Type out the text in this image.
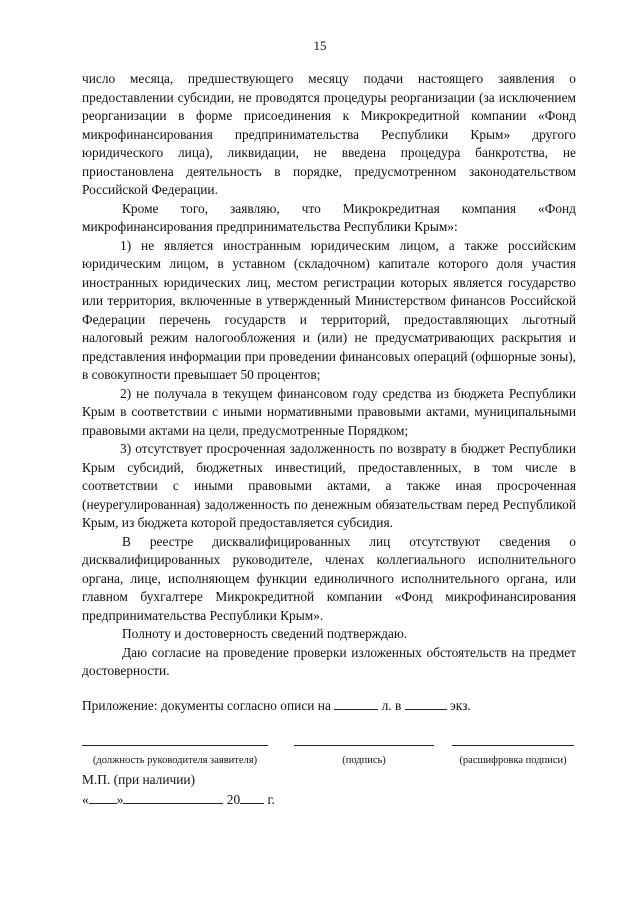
15

число месяца, предшествующего месяцу подачи настоящего заявления о предоставлении субсидии, не проводятся процедуры реорганизации (за исключением реорганизации в форме присоединения к Микрокредитной компании «Фонд микрофинансирования предпринимательства Республики Крым» другого юридического лица), ликвидации, не введена процедура банкротства, не приостановлена деятельность в порядке, предусмотренном законодательством Российской Федерации.

Кроме того, заявляю, что Микрокредитная компания «Фонд микрофинансирования предпринимательства Республики Крым»:

1) не является иностранным юридическим лицом, а также российским юридическим лицом, в уставном (складочном) капитале которого доля участия иностранных юридических лиц, местом регистрации которых является государство или территория, включенные в утвержденный Министерством финансов Российской Федерации перечень государств и территорий, предоставляющих льготный налоговый режим налогообложения и (или) не предусматривающих раскрытия и представления информации при проведении финансовых операций (офшорные зоны), в совокупности превышает 50 процентов;

2) не получала в текущем финансовом году средства из бюджета Республики Крым в соответствии с иными нормативными правовыми актами, муниципальными правовыми актами на цели, предусмотренные Порядком;

3) отсутствует просроченная задолженность по возврату в бюджет Республики Крым субсидий, бюджетных инвестиций, предоставленных, в том числе в соответствии с иными правовыми актами, а также иная просроченная (неурегулированная) задолженность по денежным обязательствам перед Республикой Крым, из бюджета которой предоставляется субсидия.

В реестре дисквалифицированных лиц отсутствуют сведения о дисквалифицированных руководителе, членах коллегиального исполнительного органа, лице, исполняющем функции единоличного исполнительного органа, или главном бухгалтере Микрокредитной компании «Фонд микрофинансирования предпринимательства Республики Крым».

Полноту и достоверность сведений подтверждаю.

Даю согласие на проведение проверки изложенных обстоятельств на предмет достоверности.

Приложение: документы согласно описи на	л. в	экз.

(должность руководителя заявителя)	(подпись)	(расшифровка подписи)
М.П. (при наличии)
« »	20 г.
